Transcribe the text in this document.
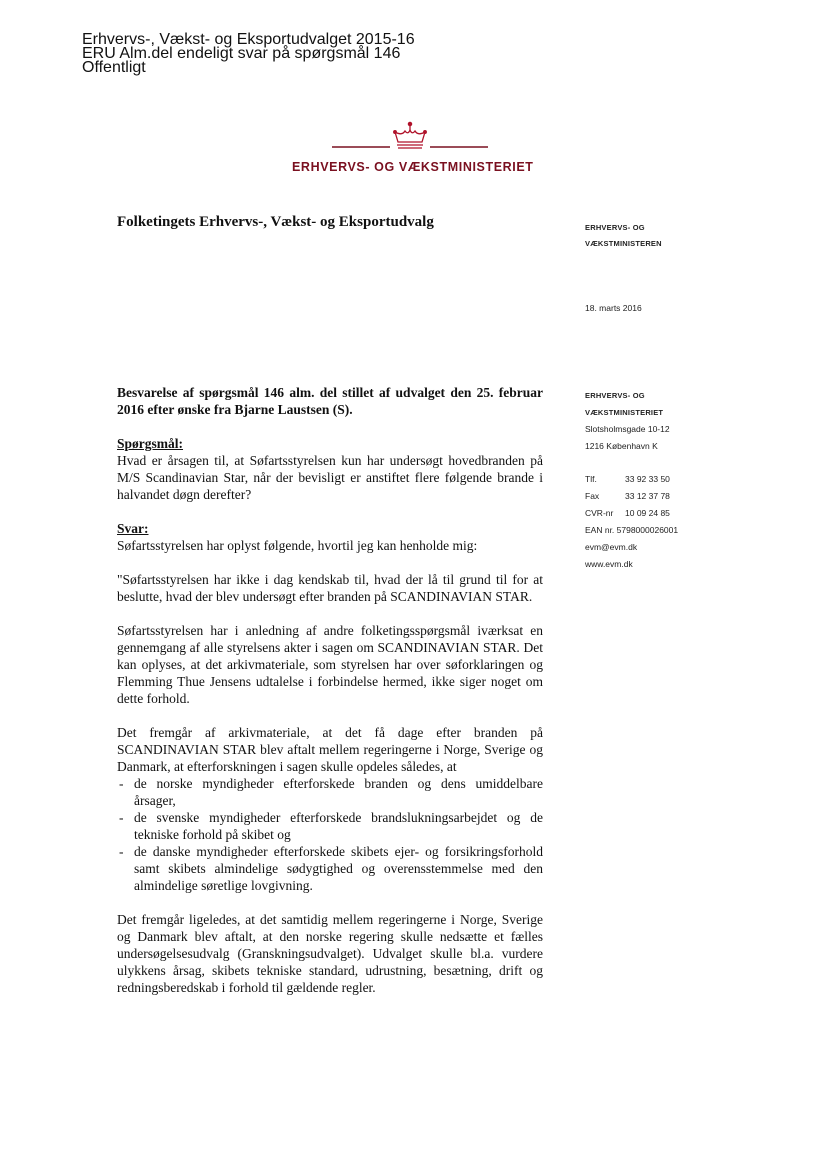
Erhvervs-, Vækst- og Eksportudvalget 2015-16
ERU Alm.del endeligt svar på spørgsmål 146
Offentligt
ERHVERVS- OG VÆKSTMINISTERIET
Folketingets Erhvervs-, Vækst- og Eksportudvalg	ERHVERVS- OG
VÆKSTMINISTEREN
18. marts 2016
ERHVERVS- OG
VÆKSTMINISTERIET
Slotsholmsgade 10-12
1216 København K
Tlf.	33 92 33 50
Fax	33 12 37 78
CVR-nr 10 09 24 85
EAN nr. 5798000026001
evm@evm.dk
www.evm.dk

Besvarelse af spørgsmål 146 alm. del stillet af udvalget den 25. februar 2016 efter ønske fra Bjarne Laustsen (S).

Spørgsmål:

Hvad er årsagen til, at Søfartsstyrelsen kun har undersøgt hovedbranden på M/S Scandinavian Star, når der bevisligt er anstiftet flere følgende brande i halvandet døgn derefter?

Svar:

Søfartsstyrelsen har oplyst følgende, hvortil jeg kan henholde mig:

"Søfartsstyrelsen har ikke i dag kendskab til, hvad der lå til grund til for at beslutte, hvad der blev undersøgt efter branden på SCANDINAVIAN STAR.

Søfartsstyrelsen har i anledning af andre folketingsspørgsmål iværksat en gennemgang af alle styrelsens akter i sagen om SCANDINAVIAN STAR. Det kan oplyses, at det arkivmateriale, som styrelsen har over søforklaringen og Flemming Thue Jensens udtalelse i forbindelse hermed, ikke siger noget om dette forhold.

Det fremgår af arkivmateriale, at det få dage efter branden på SCANDINAVIAN STAR blev aftalt mellem regeringerne i Norge, Sverige og Danmark, at efterforskningen i sagen skulle opdeles således, at

- de norske myndigheder efterforskede branden og dens umiddelbare årsager,
- de svenske myndigheder efterforskede brandslukningsarbejdet og de tekniske forhold på skibet og
- de danske myndigheder efterforskede skibets ejer- og forsikringsforhold samt skibets almindelige sødygtighed og overensstemmelse med den almindelige søretlige lovgivning.

Det fremgår ligeledes, at det samtidig mellem regeringerne i Norge, Sverige og Danmark blev aftalt, at den norske regering skulle nedsætte et fælles undersøgelsesudvalg (Granskningsudvalget). Udvalget skulle bl.a. vurdere ulykkens årsag, skibets tekniske standard, udrustning, besætning, drift og redningsberedskab i forhold til gældende regler.
